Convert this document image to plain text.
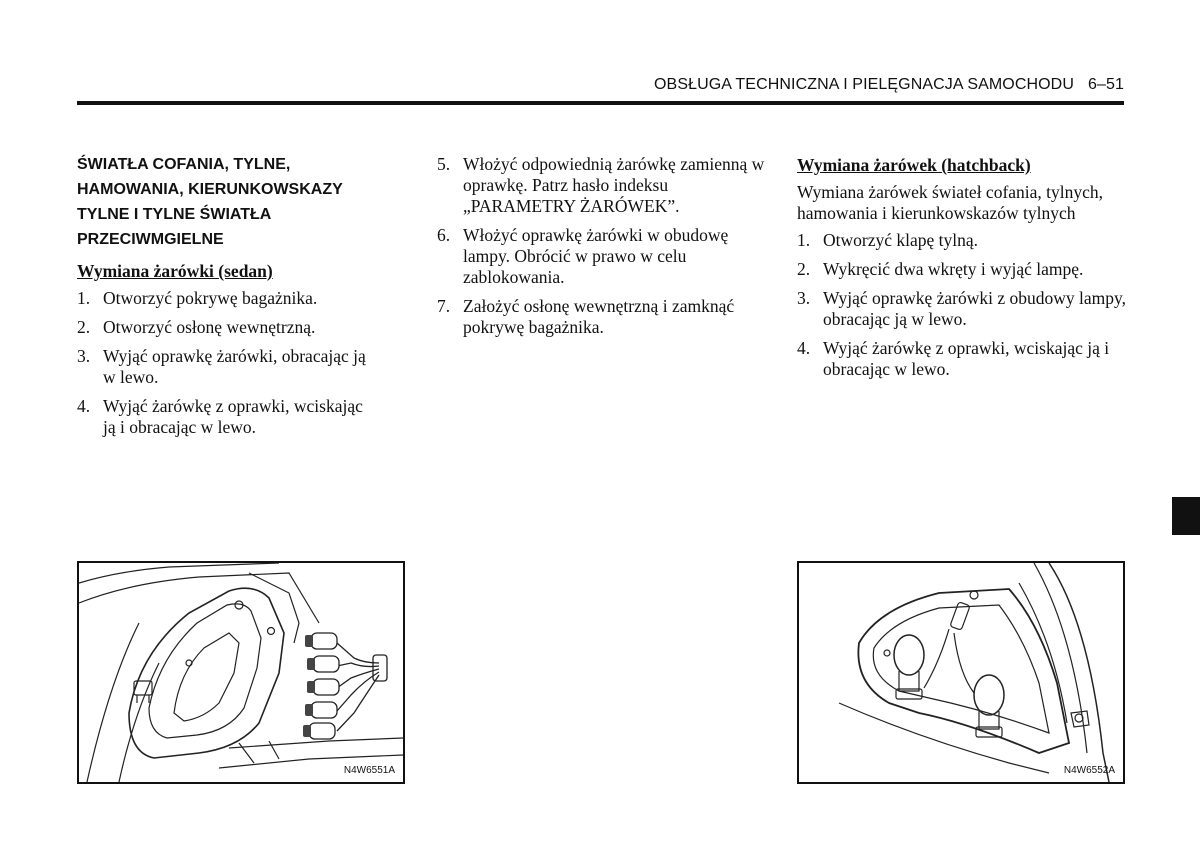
OBSŁUGA TECHNICZNA I PIELĘGNACJA SAMOCHODU 6–51
ŚWIATŁA COFANIA, TYLNE,
HAMOWANIA, KIERUNKOWSKAZY
TYLNE I TYLNE ŚWIATŁA
PRZECIWMGIELNE
Wymiana żarówki (sedan)
1. Otworzyć pokrywę bagażnika.
2. Otworzyć osłonę wewnętrzną.
3. Wyjąć oprawkę żarówki, obracając ją w lewo.
4. Wyjąć żarówkę z oprawki, wciskając ją i obracając w lewo.
5. Włożyć odpowiednią żarówkę zamienną w oprawkę. Patrz hasło indeksu „PARAMETRY ŻARÓWEK”.
6. Włożyć oprawkę żarówki w obudowę lampy. Obrócić w prawo w celu zablokowania.
7. Założyć osłonę wewnętrzną i zamknąć pokrywę bagażnika.
Wymiana żarówek (hatchback)
Wymiana żarówek świateł cofania, tylnych, hamowania i kierunkowskazów tylnych
1. Otworzyć klapę tylną.
2. Wykręcić dwa wkręty i wyjąć lampę.
3. Wyjąć oprawkę żarówki z obudowy lampy, obracając ją w lewo.
4. Wyjąć żarówkę z oprawki, wciskając ją i obracając w lewo.
N4W6551A	N4W6552A
